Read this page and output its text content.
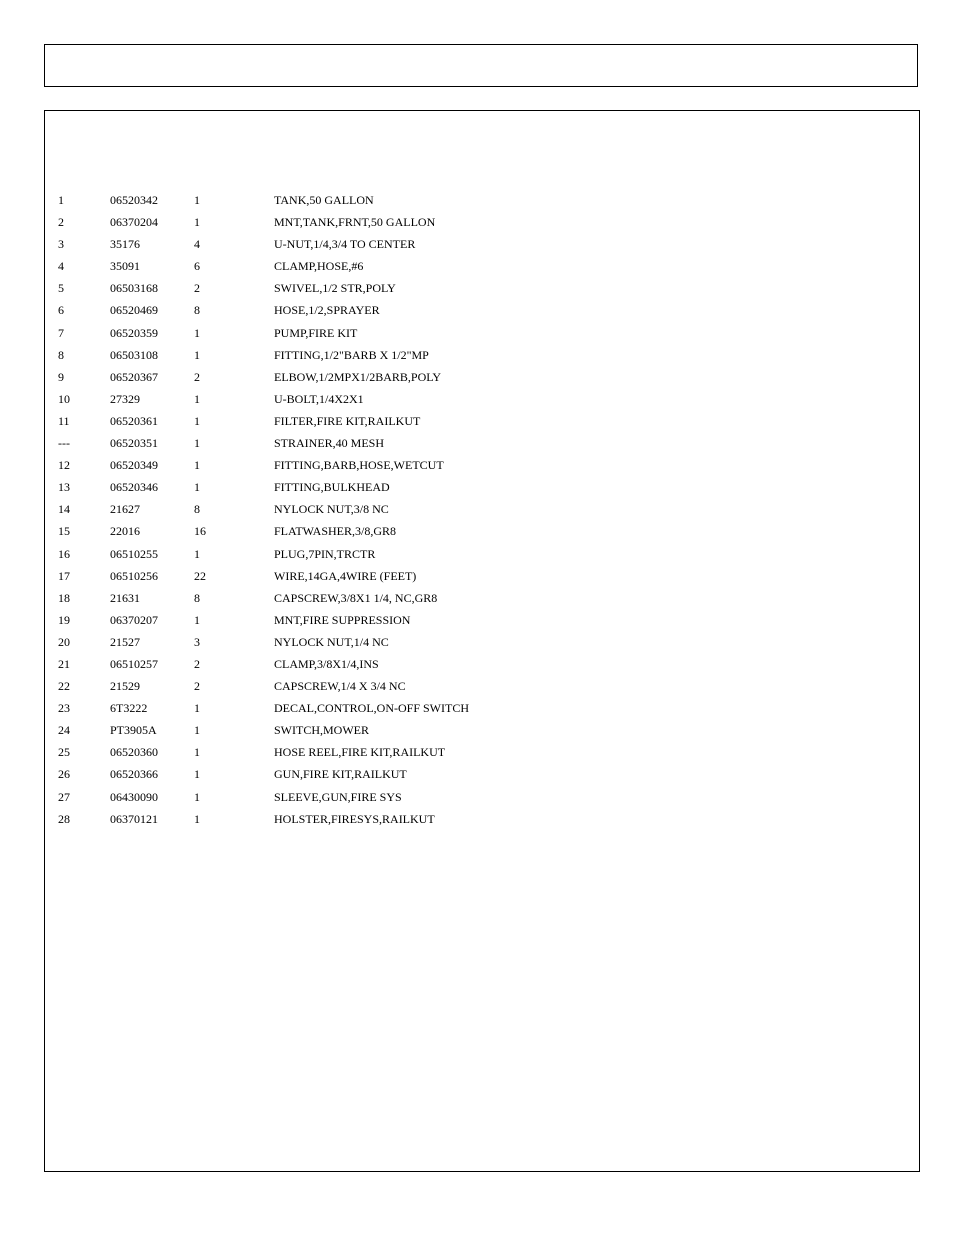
1	06520342	1	TANK,50 GALLON
2	06370204	1	MNT,TANK,FRNT,50 GALLON
3	35176	4	U-NUT,1/4,3/4 TO CENTER
4	35091	6	CLAMP,HOSE,#6
5	06503168	2	SWIVEL,1/2 STR,POLY
6	06520469	8	HOSE,1/2,SPRAYER
7	06520359	1	PUMP,FIRE KIT
8	06503108	1	FITTING,1/2"BARB X 1/2"MP
9	06520367	2	ELBOW,1/2MPX1/2BARB,POLY
10	27329	1	U-BOLT,1/4X2X1
11	06520361	1	FILTER,FIRE KIT,RAILKUT
---	06520351	1	STRAINER,40 MESH
12	06520349	1	FITTING,BARB,HOSE,WETCUT
13	06520346	1	FITTING,BULKHEAD
14	21627	8	NYLOCK NUT,3/8 NC
15	22016	16	FLATWASHER,3/8,GR8
16	06510255	1	PLUG,7PIN,TRCTR
17	06510256	22	WIRE,14GA,4WIRE (FEET)
18	21631	8	CAPSCREW,3/8X1 1/4, NC,GR8
19	06370207	1	MNT,FIRE SUPPRESSION
20	21527	3	NYLOCK NUT,1/4 NC
21	06510257	2	CLAMP,3/8X1/4,INS
22	21529	2	CAPSCREW,1/4 X 3/4 NC
23	6T3222	1	DECAL,CONTROL,ON-OFF SWITCH
24	PT3905A	1	SWITCH,MOWER
25	06520360	1	HOSE REEL,FIRE KIT,RAILKUT
26	06520366	1	GUN,FIRE KIT,RAILKUT
27	06430090	1	SLEEVE,GUN,FIRE SYS
28	06370121	1	HOLSTER,FIRESYS,RAILKUT
